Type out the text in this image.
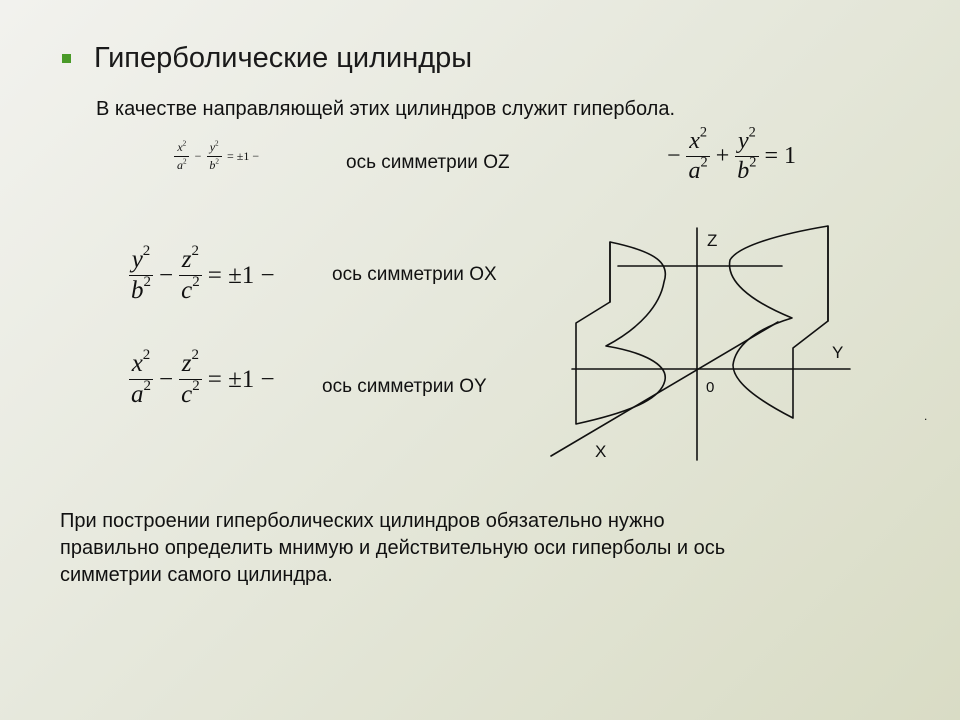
Гиперболические цилиндры
В качестве направляющей этих цилиндров служит гипербола.
$\frac{x^2}{a^2} - \frac{y^2}{b^2} = \pm 1$ −	ось симметрии OZ	− $\frac{x^2}{a^2} + \frac{y^2}{b^2} = 1$
$\frac{y^2}{b^2} - \frac{z^2}{c^2} = \pm 1$ −	ось симметрии OX
$\frac{x^2}{a^2} - \frac{z^2}{c^2} = \pm 1$ − ось симметрии OY
Z
Y
X
0
.
При построении гиперболических цилиндров обязательно нужно
правильно определить мнимую и действительную оси гиперболы и ось
симметрии самого цилиндра.
